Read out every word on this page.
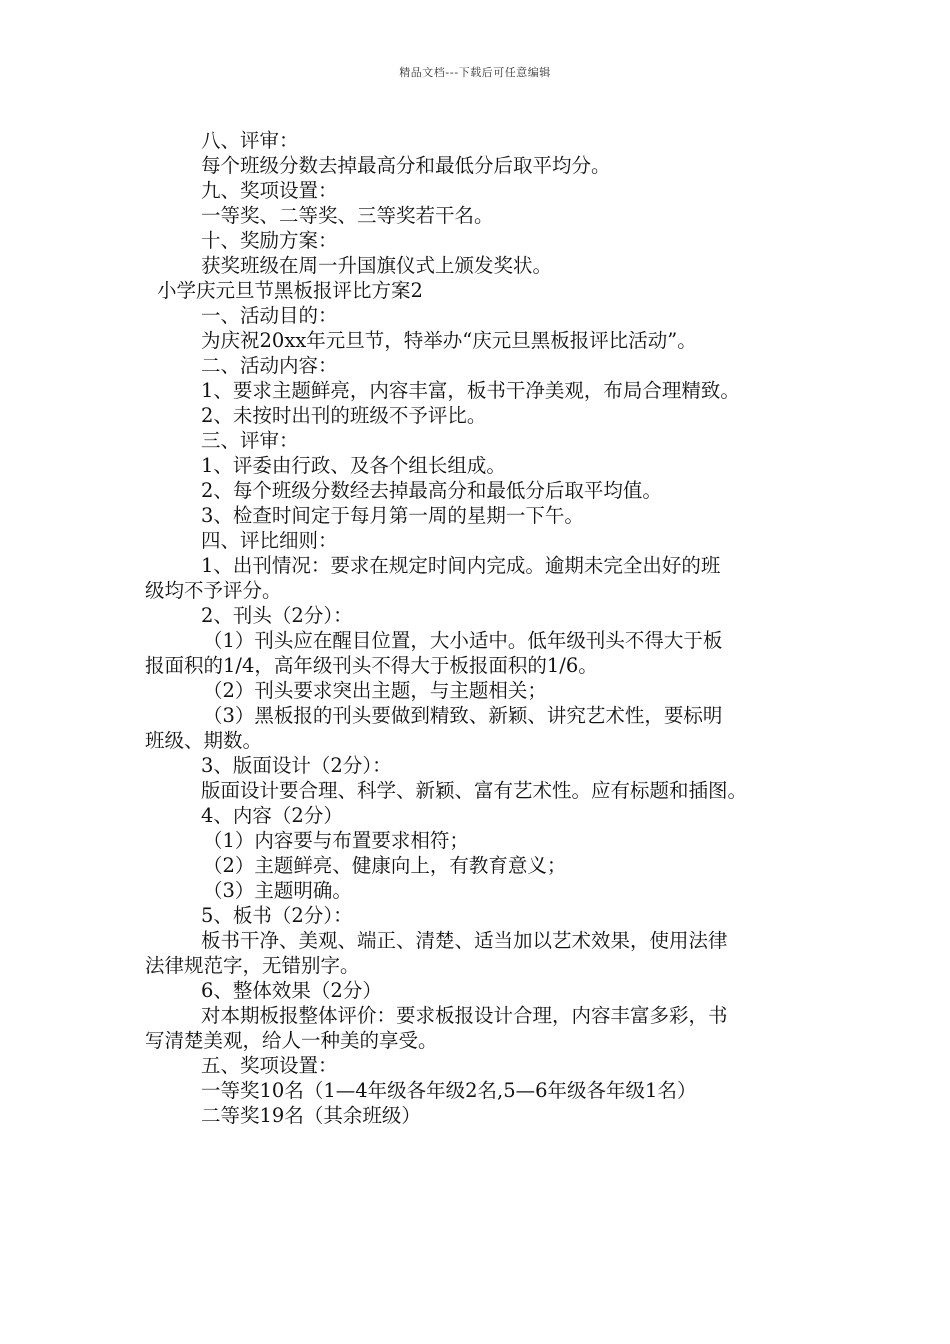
精品文档---下载后可任意编辑
八、评审：
每个班级分数去掉最高分和最低分后取平均分。
九、奖项设置：
一等奖、二等奖、三等奖若干名。
十、奖励方案：
获奖班级在周一升国旗仪式上颁发奖状。
小学庆元旦节黑板报评比方案2
一、活动目的：
为庆祝20xx年元旦节，特举办“庆元旦黑板报评比活动”。
二、活动内容：
1、要求主题鲜亮，内容丰富，板书干净美观，布局合理精致。
2、未按时出刊的班级不予评比。
三、评审：
1、评委由行政、及各个组长组成。
2、每个班级分数经去掉最高分和最低分后取平均值。
3、检查时间定于每月第一周的星期一下午。
四、评比细则：
1、出刊情况：要求在规定时间内完成。逾期未完全出好的班
级均不予评分。
2、刊头（2分）：
（1）刊头应在醒目位置，大小适中。低年级刊头不得大于板
报面积的1/4，高年级刊头不得大于板报面积的1/6。
（2）刊头要求突出主题，与主题相关；
（3）黑板报的刊头要做到精致、新颖、讲究艺术性，要标明
班级、期数。
3、版面设计（2分）：
版面设计要合理、科学、新颖、富有艺术性。应有标题和插图。
4、内容（2分）
（1）内容要与布置要求相符；
（2）主题鲜亮、健康向上，有教育意义；
（3）主题明确。
5、板书（2分）：
板书干净、美观、端正、清楚、适当加以艺术效果，使用法律
法律规范字，无错别字。
6、整体效果（2分）
对本期板报整体评价：要求板报设计合理，内容丰富多彩，书
写清楚美观，给人一种美的享受。
五、奖项设置：
一等奖10名（1—4年级各年级2名,5—6年级各年级1名）
二等奖19名（其余班级）
